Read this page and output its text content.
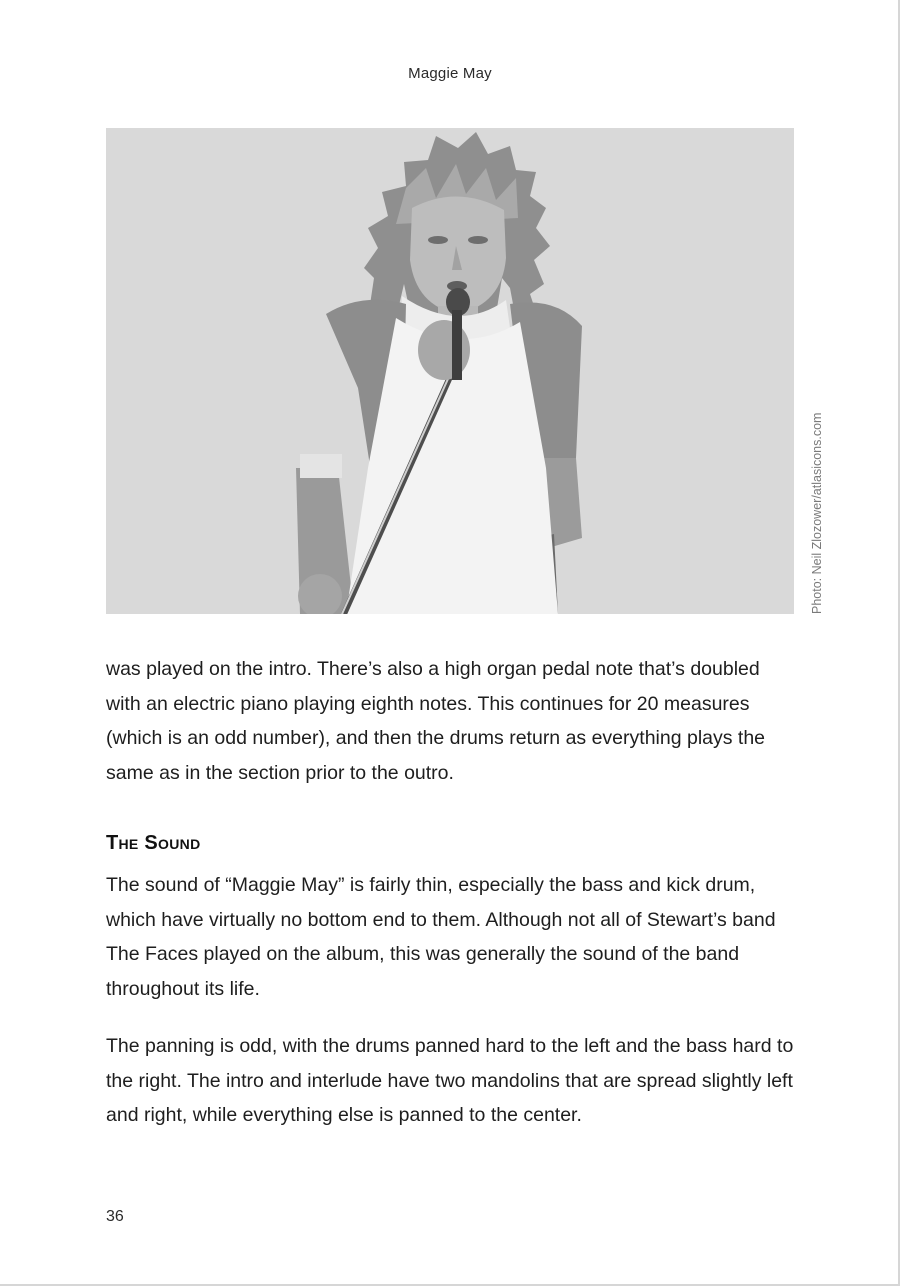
Maggie May
Photo: Neil Zlozower/atlasicons.com

was played on the intro. There’s also a high organ pedal note that’s doubled with an electric piano playing eighth notes. This continues for 20 measures (which is an odd number), and then the drums return as everything plays the same as in the section prior to the outro.

The Sound

The sound of “Maggie May” is fairly thin, especially the bass and kick drum, which have virtually no bottom end to them. Although not all of Stewart’s band The Faces played on the album, this was generally the sound of the band throughout its life.

The panning is odd, with the drums panned hard to the left and the bass hard to the right. The intro and interlude have two mandolins that are spread slightly left and right, while everything else is panned to the center.

36
